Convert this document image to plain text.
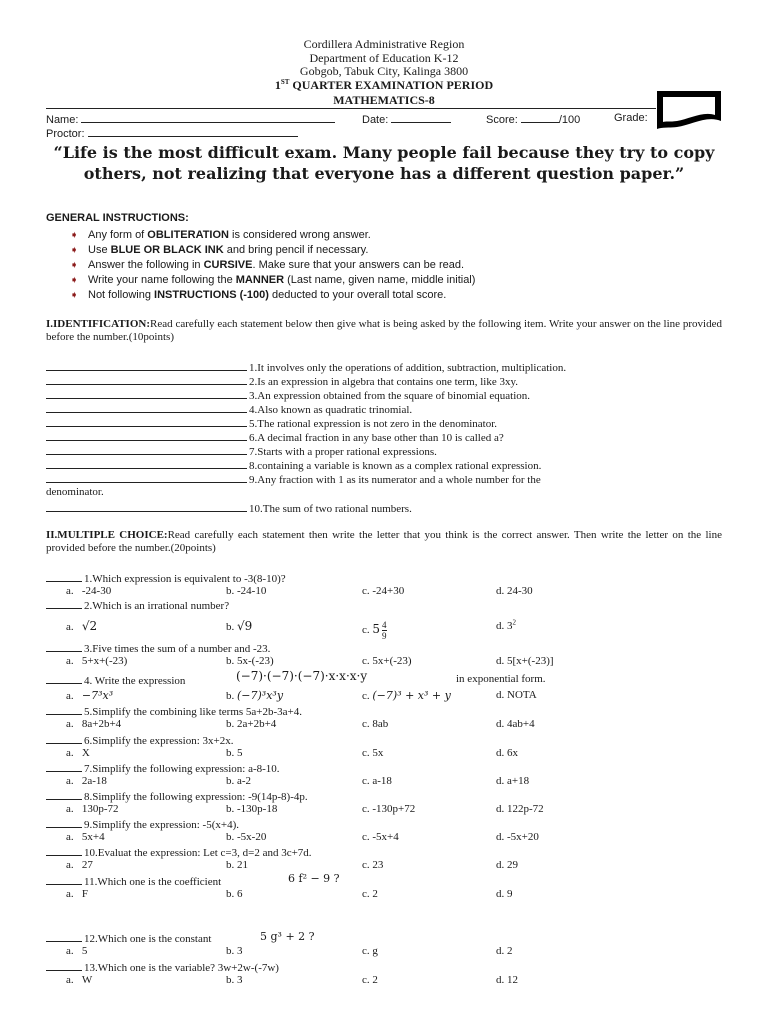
Cordillera Administrative Region
Department of Education K-12
Gobgob, Tabuk City, Kalinga 3800
1ST QUARTER EXAMINATION PERIOD
MATHEMATICS-8
Name:	Date:	Score:	/100	Grade:
Proctor:
“Life is the most difficult exam. Many people fail because they try to copy others, not realizing that everyone has a different question paper.”
GENERAL INSTRUCTIONS:
➧ Any form of OBLITERATION is considered wrong answer.
➧ Use BLUE OR BLACK INK and bring pencil if necessary.
➧ Answer the following in CURSIVE. Make sure that your answers can be read.
➧ Write your name following the MANNER (Last name, given name, middle initial)
➧ Not following INSTRUCTIONS (-100) deducted to your overall total score.
I.IDENTIFICATION:Read carefully each statement below then give what is being asked by the following item. Write your answer on the line provided before the number.(10points)
1.It involves only the operations of addition, subtraction, multiplication.
2.Is an expression in algebra that contains one term, like 3xy.
3.An expression obtained from the square of binomial equation.
4.Also known as quadratic trinomial.
5.The rational expression is not zero in the denominator.
6.A decimal fraction in any base other than 10 is called a?
7.Starts with a proper rational expressions.
8.containing a variable is known as a complex rational expression.
9.Any fraction with 1 as its numerator and a whole number for the
denominator.
10.The sum of two rational numbers.
II.MULTIPLE CHOICE:Read carefully each statement then write the letter that you think is the correct answer. Then write the letter on the line provided before the number.(20points)
1.Which expression is equivalent to -3(8-10)?
a. -24-30	b. -24-10	c. -24+30	d. 24-30
2.Which is an irrational number?
a. √2	b. √9	c. $5 \frac{4}{9}$	d. $3^2$
3.Five times the sum of a number and -23.
a. 5+x+(-23)	b. 5x-(-23)	c. 5x+(-23)	d. 5[x+(-23)]
4. Write the expression	(−7)·(−7)·(−7)·x·x·x·y	in exponential form.
a. −7³x³	b. (−7)³x³y	c. (−7)³ + x³ + y	d. NOTA
5.Simplify the combining like terms 5a+2b-3a+4.
a. 8a+2b+4	b. 2a+2b+4	c. 8ab	d. 4ab+4
6.Simplify the expression: 3x+2x.
a. X	b. 5	c. 5x	d. 6x
7.Simplify the following expression: a-8-10.
a. 2a-18	b. a-2	c. a-18	d. a+18
8.Simplify the following expression: -9(14p-8)-4p.
a. 130p-72	b. -130p-18	c. -130p+72	d. 122p-72
9.Simplify the expression: -5(x+4).
a. 5x+4	b. -5x-20	c. -5x+4	d. -5x+20
10.Evaluat the expression: Let c=3, d=2 and 3c+7d.
a. 27	b. 21	c. 23	d. 29
11.Which one is the coefficient	6 f² − 9 ?
a. F	b. 6	c. 2	d. 9
12.Which one is the constant	5 g³ + 2 ?
a. 5	b. 3	c. g	d. 2
13.Which one is the variable? 3w+2w-(-7w)
a. W	b. 3	c. 2	d. 12
